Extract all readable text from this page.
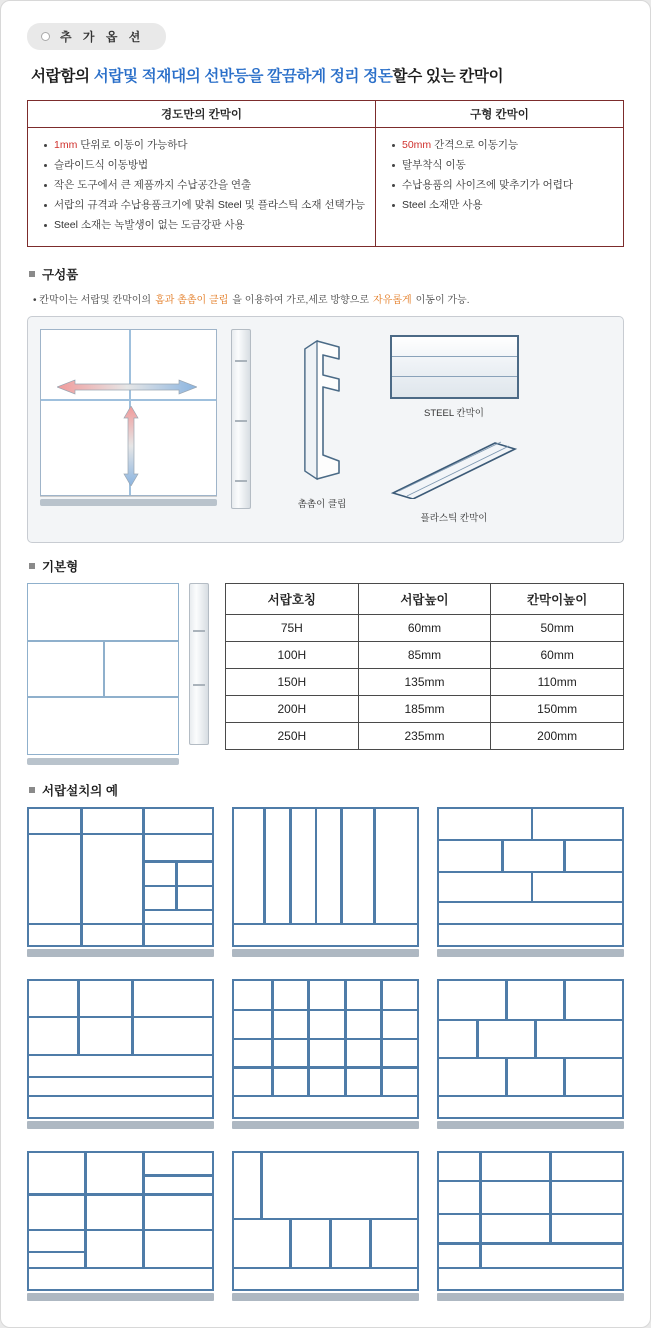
추 가 옵 션
서랍함의 서랍및 적재대의 선반등을 깔끔하게 정리 정돈할수 있는 칸막이
경도만의 칸막이	구형 칸막이

1mm 단위로 이동이 가능하다
슬라이드식 이동방법
작은 도구에서 큰 제품까지 수납공간을 연출
서랍의 규격과 수납용품크기에 맞춰 Steel 및 플라스틱 소재 선택가능
Steel 소재는 녹발생이 없는 도금강판 사용

50mm 간격으로 이동기능
탈부착식 이동
수납용품의 사이즈에 맞추기가 어렵다
Steel 소재만 사용
구성품
• 칸막이는 서랍및 칸막이의 홈과 촘촘이 클립 을 이용하여 가로,세로 방향으로 자유롭게 이동이 가능.
촘촘이 클립
STEEL 칸막이
플라스틱 칸막이
기본형
서랍호칭	서랍높이	칸막이높이
75H	60mm	50mm
100H	85mm	60mm
150H	135mm	110mm
200H	185mm	150mm
250H	235mm	200mm
서랍설치의 예
